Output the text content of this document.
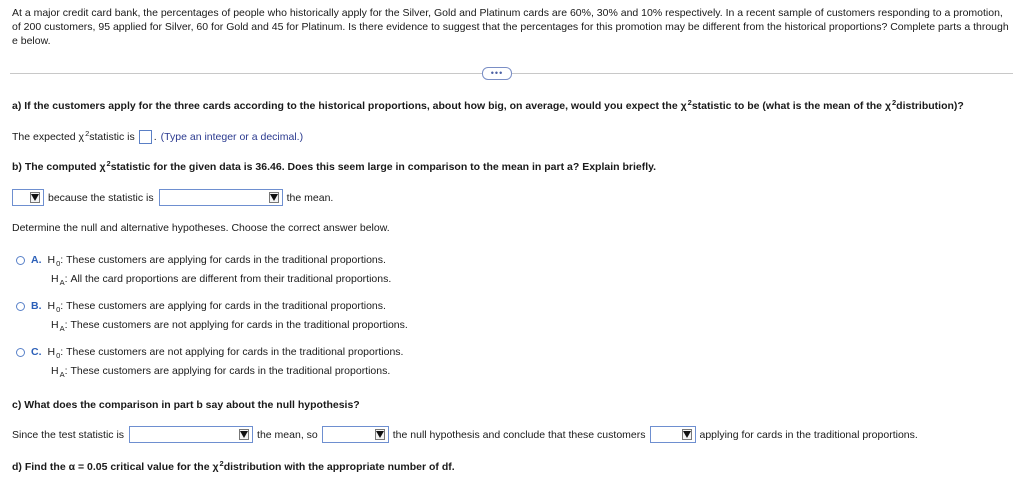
At a major credit card bank, the percentages of people who historically apply for the Silver, Gold and Platinum cards are 60%, 30% and 10% respectively. In a recent sample of customers responding to a promotion, of 200 customers, 95 applied for Silver, 60 for Gold and 45 for Platinum. Is there evidence to suggest that the percentages for this promotion may be different from the historical proportions? Complete parts a through e below.
•••
a) If the customers apply for the three cards according to the historical proportions, about how big, on average, would you expect the χ 2 statistic to be (what is the mean of the χ 2 distribution)?
The expected χ 2 statistic is . (Type an integer or a decimal.)
b) The computed χ 2 statistic for the given data is 36.46. Does this seem large in comparison to the mean in part a? Explain briefly.
because the statistic is	the mean.
Determine the null and alternative hypotheses. Choose the correct answer below.
A. H 0 :
These customers are applying for cards in the traditional proportions.
H A :
All the card proportions are different from their traditional proportions.
B. H 0 :
These customers are applying for cards in the traditional proportions.
H A :
These customers are not applying for cards in the traditional proportions.
C. H 0 :
These customers are not applying for cards in the traditional proportions.
H A :
These customers are applying for cards in the traditional proportions.
c) What does the comparison in part b say about the null hypothesis?
Since the test statistic is	the mean, so	the null hypothesis and conclude that these customers	applying for cards in the traditional proportions.
d) Find the α = 0.05 critical value for the χ 2 distribution with the appropriate number of df.
